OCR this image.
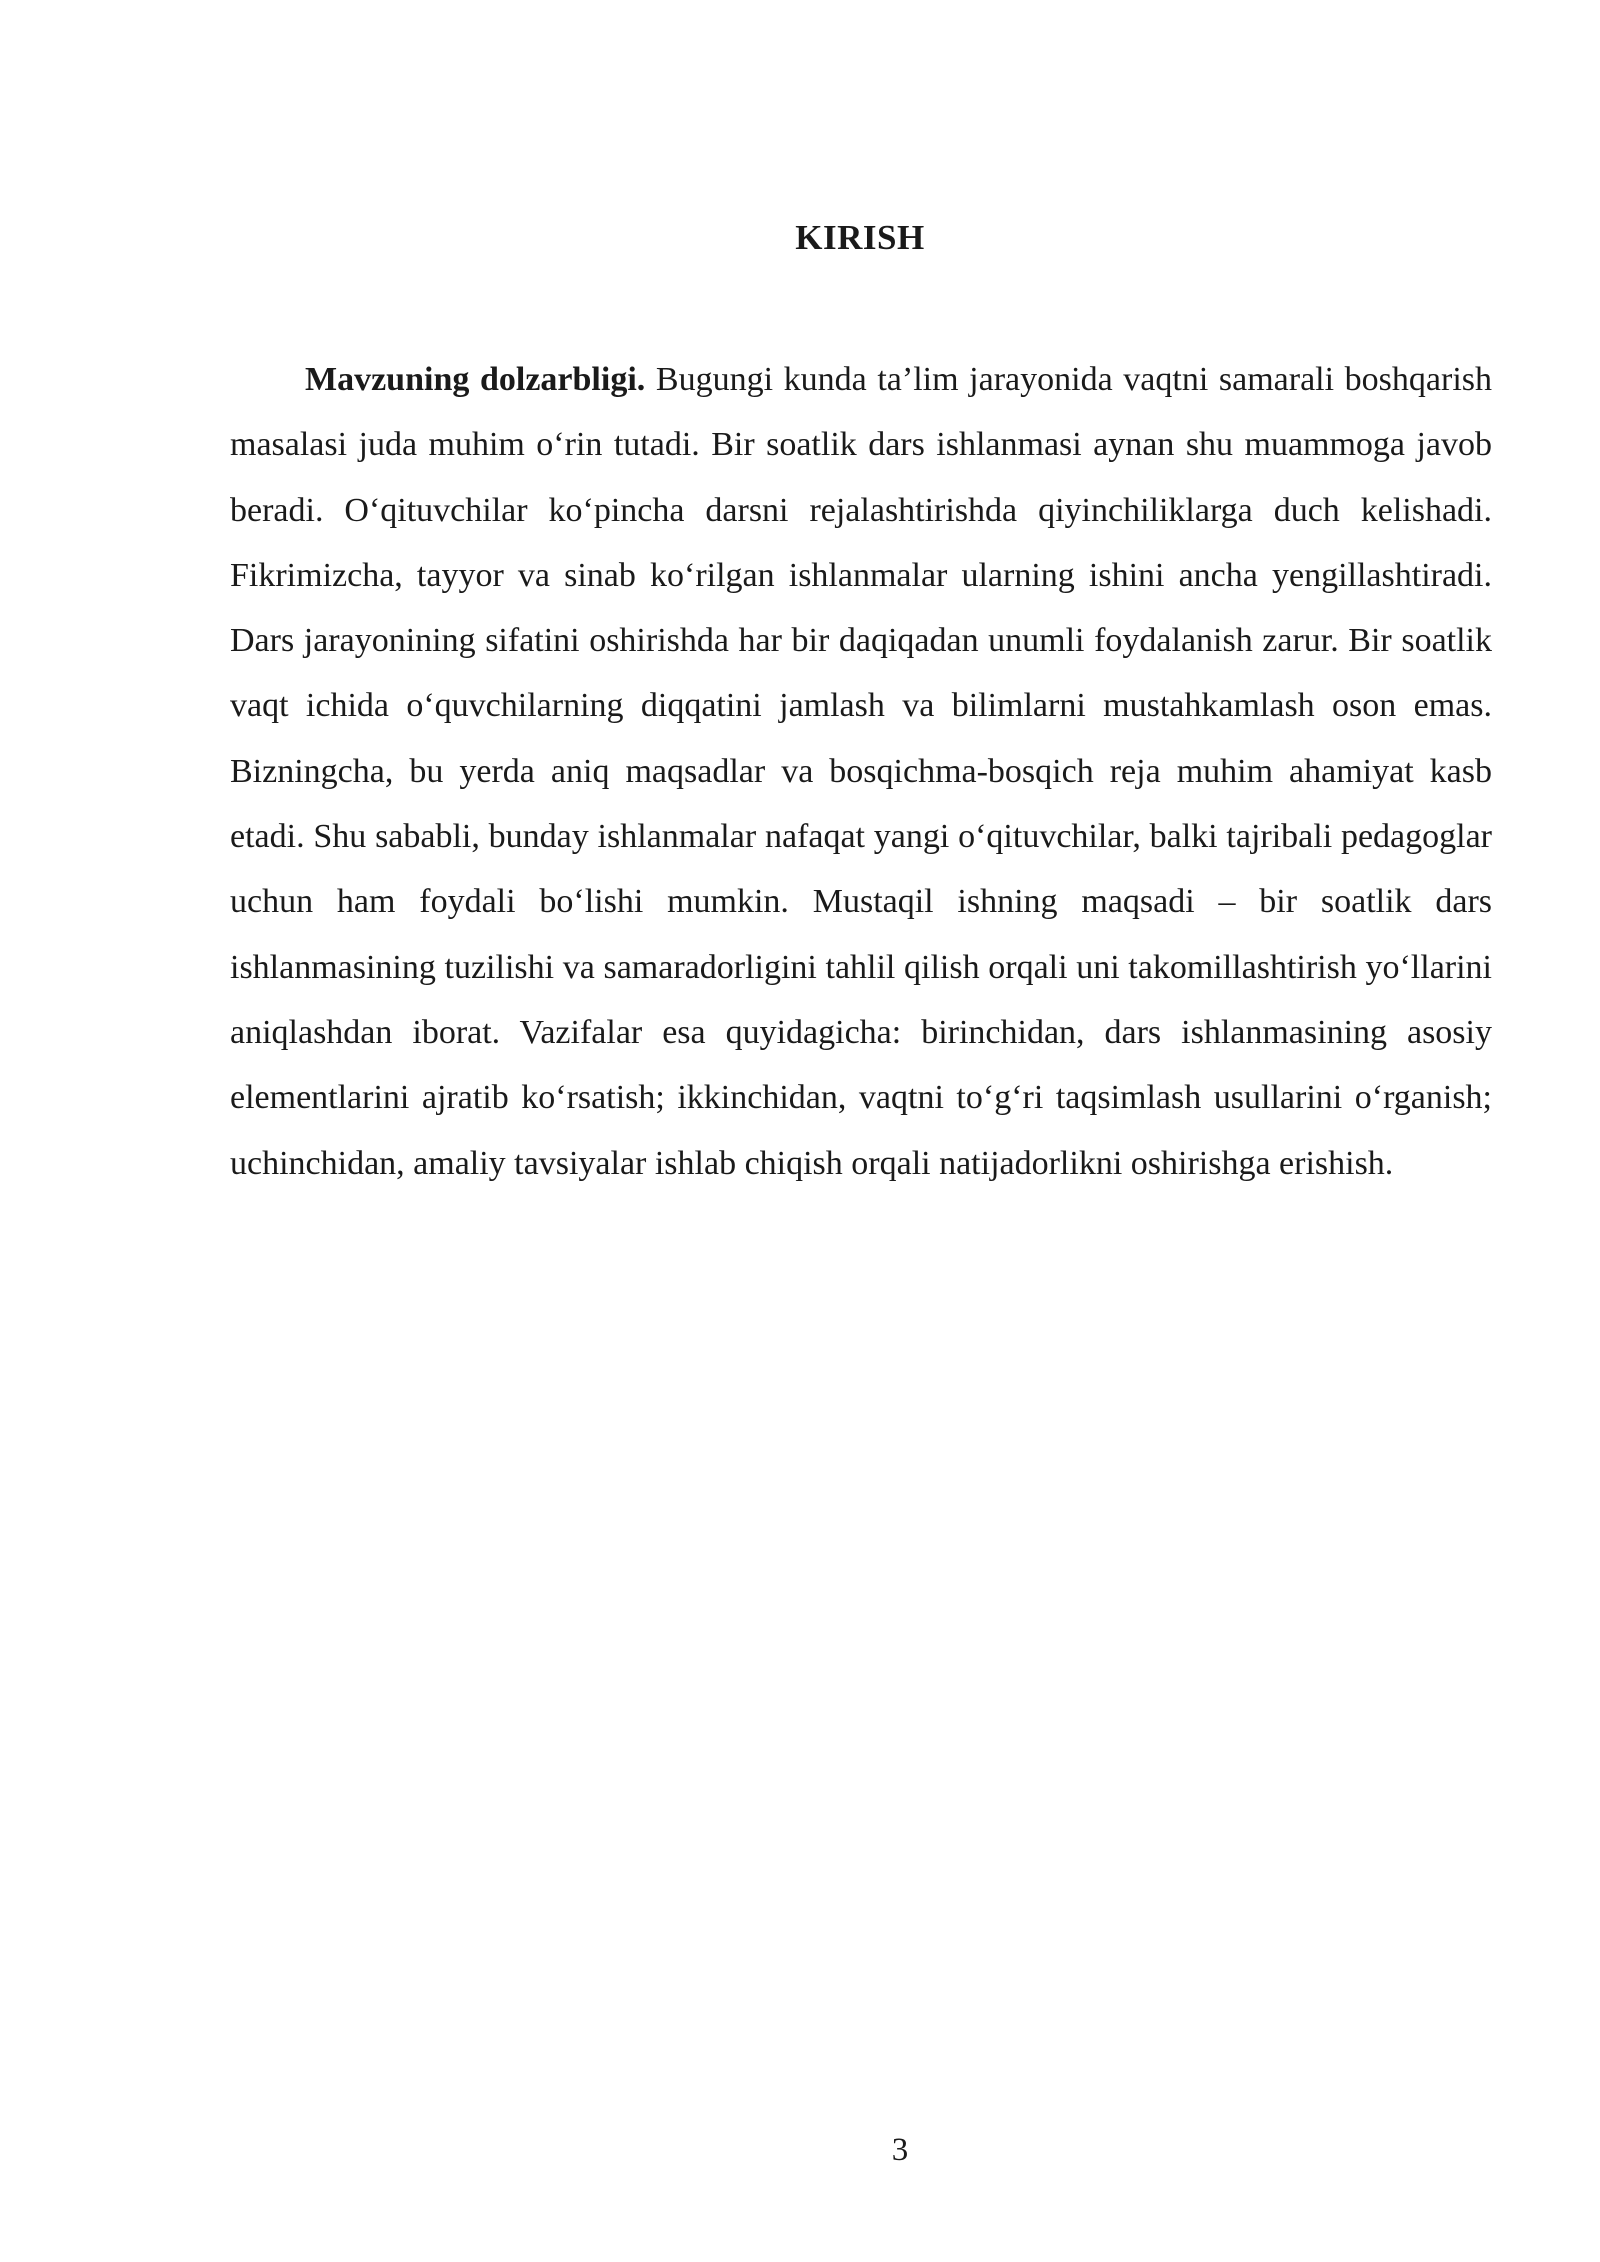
KIRISH

Mavzuning dolzarbligi. Bugungi kunda ta’lim jarayonida vaqtni samarali boshqarish masalasi juda muhim o‘rin tutadi. Bir soatlik dars ishlanmasi aynan shu muammoga javob beradi. O‘qituvchilar ko‘pincha darsni rejalashtirishda qiyinchiliklarga duch kelishadi. Fikrimizcha, tayyor va sinab ko‘rilgan ishlanmalar ularning ishini ancha yengillashtiradi. Dars jarayonining sifatini oshirishda har bir daqiqadan unumli foydalanish zarur. Bir soatlik vaqt ichida o‘quvchilarning diqqatini jamlash va bilimlarni mustahkamlash oson emas. Bizningcha, bu yerda aniq maqsadlar va bosqichma-bosqich reja muhim ahamiyat kasb etadi. Shu sababli, bunday ishlanmalar nafaqat yangi o‘qituvchilar, balki tajribali pedagoglar uchun ham foydali bo‘lishi mumkin. Mustaqil ishning maqsadi – bir soatlik dars ishlanmasining tuzilishi va samaradorligini tahlil qilish orqali uni takomillashtirish yo‘llarini aniqlashdan iborat. Vazifalar esa quyidagicha: birinchidan, dars ishlanmasining asosiy elementlarini ajratib ko‘rsatish; ikkinchidan, vaqtni to‘g‘ri taqsimlash usullarini o‘rganish; uchinchidan, amaliy tavsiyalar ishlab chiqish orqali natijadorlikni oshirishga erishish.

3
